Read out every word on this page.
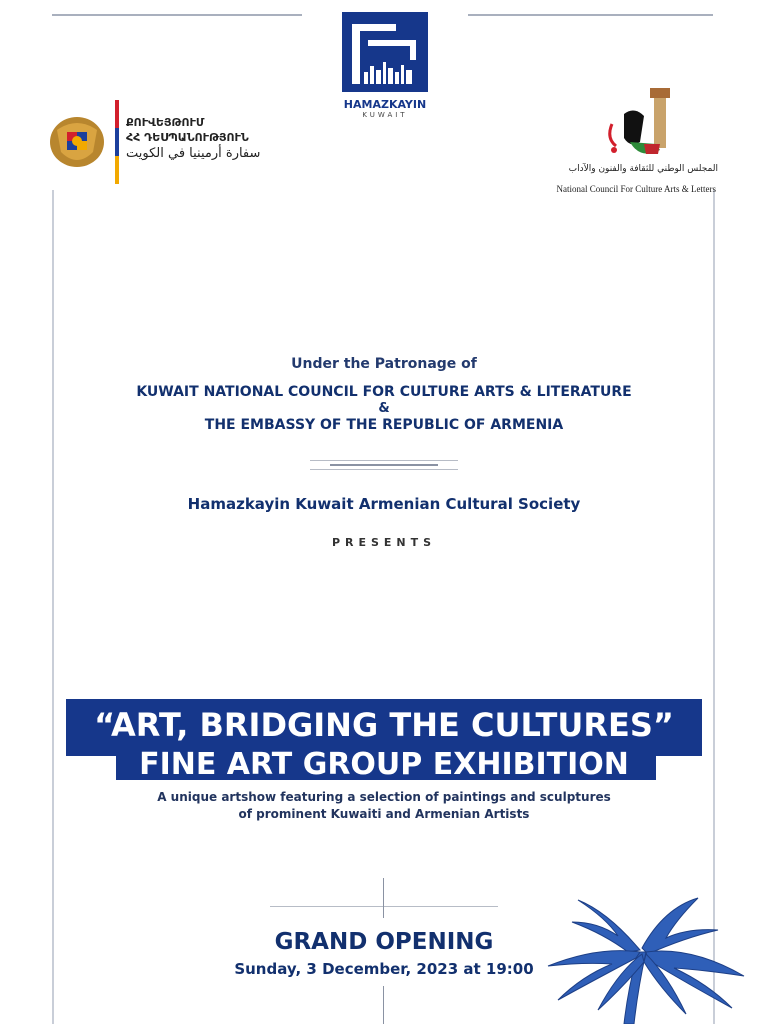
HAMAZKAYIN
KUWAIT
ՔՈՒՎԵՅԹՈՒՄ
ՀՀ ԴԵՍՊԱՆՈՒԹՅՈՒՆ
سفارة أرمينيا في الكويت
المجلس الوطني للثقافة والفنون والآداب
National Council For Culture Arts & Letters
Under the Patronage of
KUWAIT NATIONAL COUNCIL FOR CULTURE ARTS & LITERATURE
&
THE EMBASSY OF THE REPUBLIC OF ARMENIA
Hamazkayin Kuwait Armenian Cultural Society
PRESENTS
“ART, BRIDGING THE CULTURES”
FINE ART GROUP EXHIBITION
A unique artshow featuring a selection of paintings and sculptures
of prominent Kuwaiti and Armenian Artists
GRAND OPENING
Sunday, 3 December, 2023 at 19:00
